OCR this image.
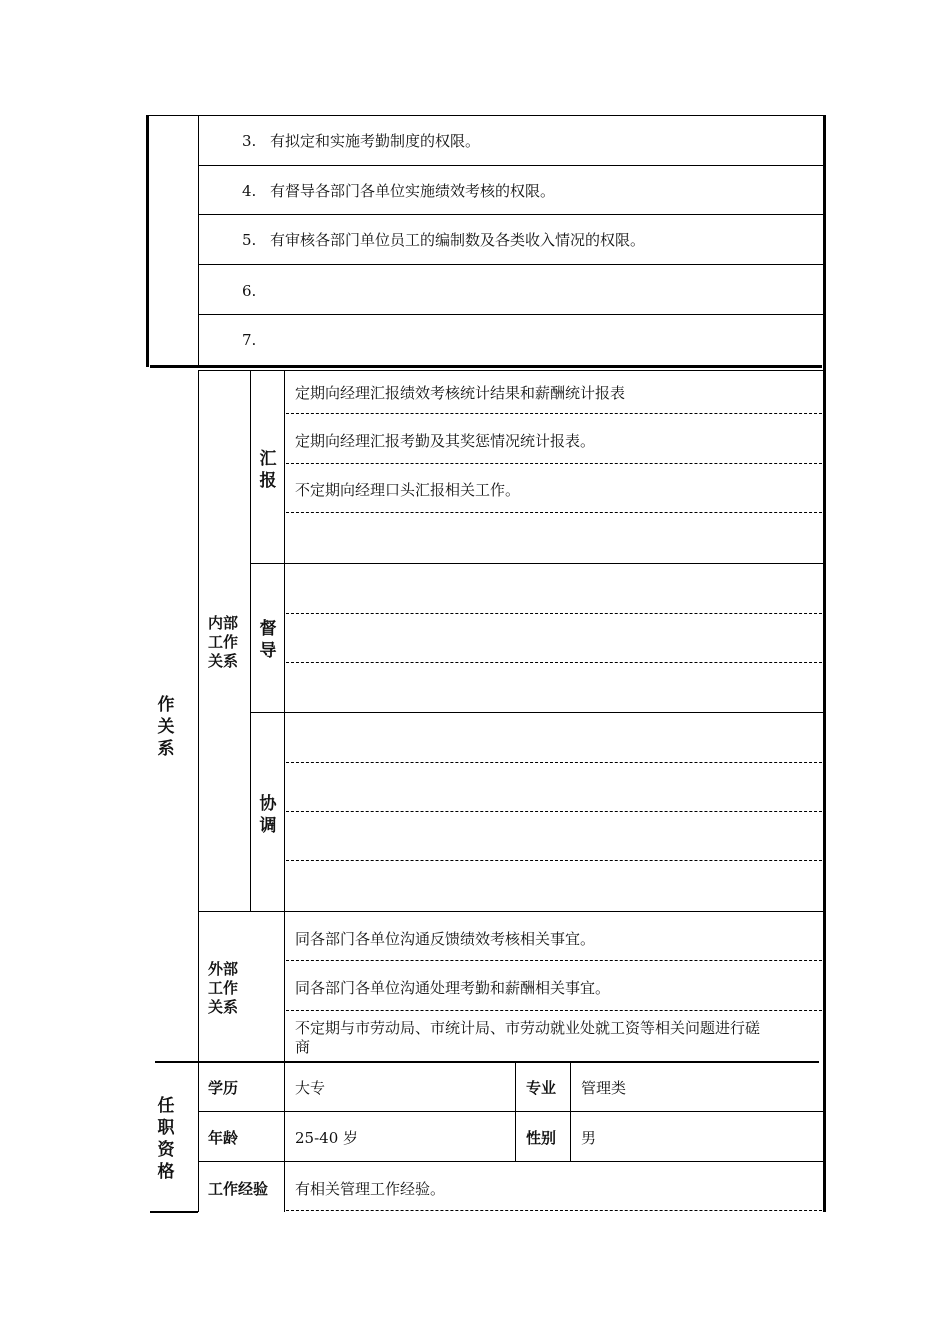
3. 有拟定和实施考勤制度的权限。
4. 有督导各部门各单位实施绩效考核的权限。
5. 有审核各部门单位员工的编制数及各类收入情况的权限。
6.
7.
作关系
内部工作关系
汇报
定期向经理汇报绩效考核统计结果和薪酬统计报表
定期向经理汇报考勤及其奖惩情况统计报表。
不定期向经理口头汇报相关工作。
督导
协调
外部工作关系
同各部门各单位沟通反馈绩效考核相关事宜。
同各部门各单位沟通处理考勤和薪酬相关事宜。
不定期与市劳动局、市统计局、市劳动就业处就工资等相关问题进行磋
商
任职资格
学历	大专	专业 管理类
年龄	25-40 岁	性别 男
工作经验 有相关管理工作经验。
